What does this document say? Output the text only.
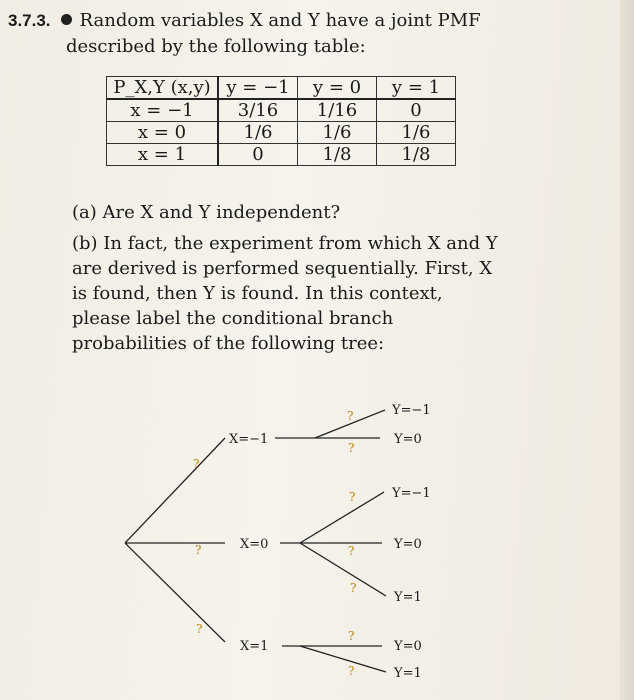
3.7.3. Random variables X and Y have a joint PMF
described by the following table:
P_X,Y (x,y)	y = −1	y = 0	y = 1
x = −1	3/16	1/16	0
x = 0	1/6	1/6	1/6
x = 1	0	1/8	1/8
(a) Are X and Y independent?
(b) In fact, the experiment from which X and Y are derived is performed sequentially. First, X is found, then Y is found. In this context, please label the conditional branch probabilities of the following tree:
X=−1
X=0
X=1
Y=−1
Y=0
Y=−1
Y=0
Y=1
Y=0
Y=1
?
?
?
?
?
?
?
?
?
?
